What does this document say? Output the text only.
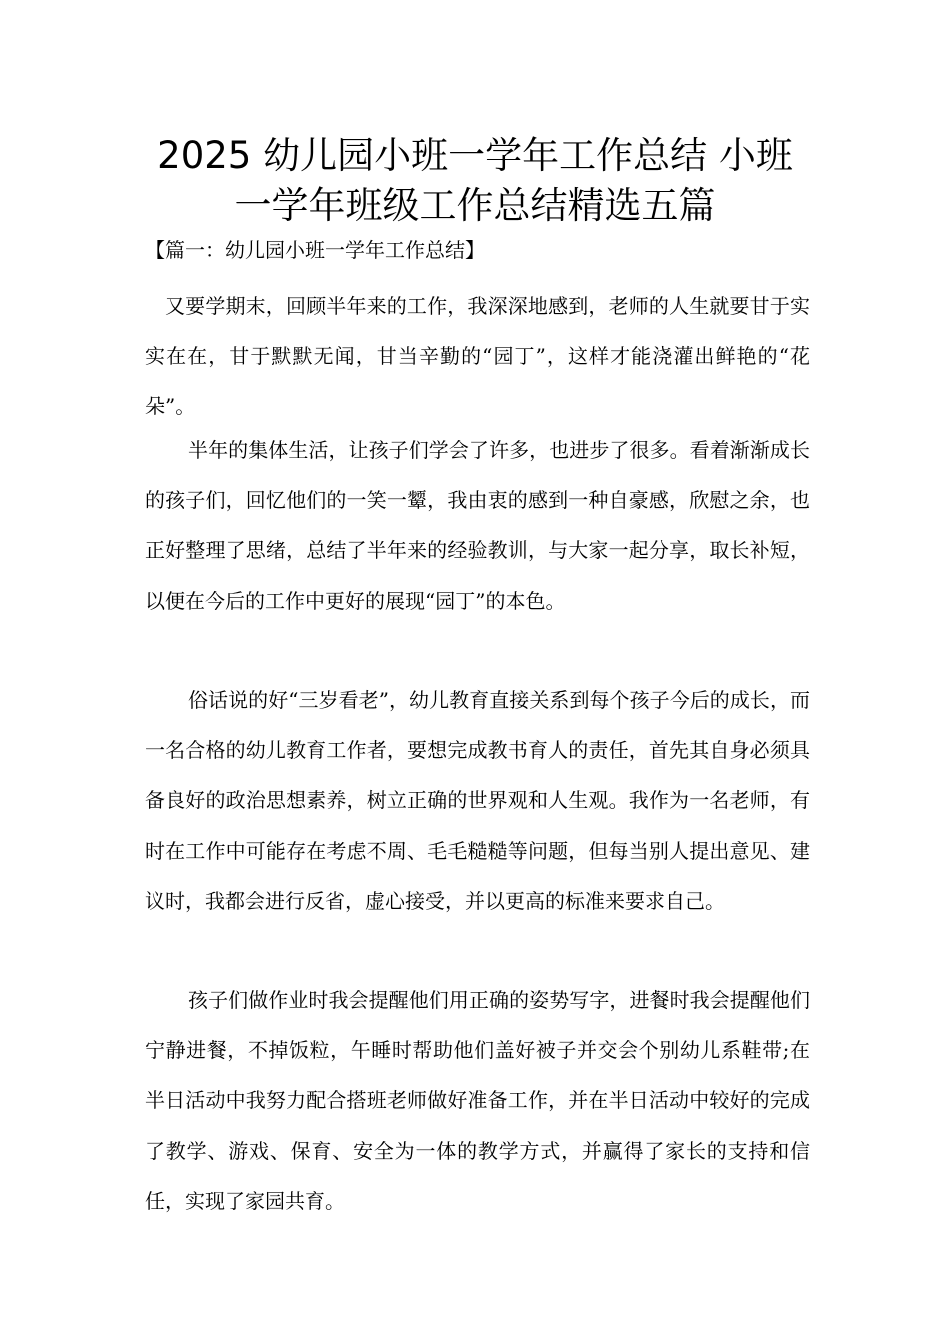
2025 幼儿园小班一学年工作总结 小班
一学年班级工作总结精选五篇
【篇一：幼儿园小班一学年工作总结】
又要学期末，回顾半年来的工作，我深深地感到，老师的人生就要甘于实实在在，甘于默默无闻，甘当辛勤的“园丁”，这样才能浇灌出鲜艳的“花朵”。
半年的集体生活，让孩子们学会了许多，也进步了很多。看着渐渐成长的孩子们，回忆他们的一笑一颦，我由衷的感到一种自豪感，欣慰之余，也正好整理了思绪，总结了半年来的经验教训，与大家一起分享，取长补短，以便在今后的工作中更好的展现“园丁”的本色。
俗话说的好“三岁看老”，幼儿教育直接关系到每个孩子今后的成长，而一名合格的幼儿教育工作者，要想完成教书育人的责任，首先其自身必须具备良好的政治思想素养，树立正确的世界观和人生观。我作为一名老师，有时在工作中可能存在考虑不周、毛毛糙糙等问题，但每当别人提出意见、建议时，我都会进行反省，虚心接受，并以更高的标准来要求自己。
孩子们做作业时我会提醒他们用正确的姿势写字，进餐时我会提醒他们宁静进餐，不掉饭粒，午睡时帮助他们盖好被子并交会个别幼儿系鞋带;在半日活动中我努力配合搭班老师做好准备工作，并在半日活动中较好的完成了教学、游戏、保育、安全为一体的教学方式，并赢得了家长的支持和信任，实现了家园共育。
